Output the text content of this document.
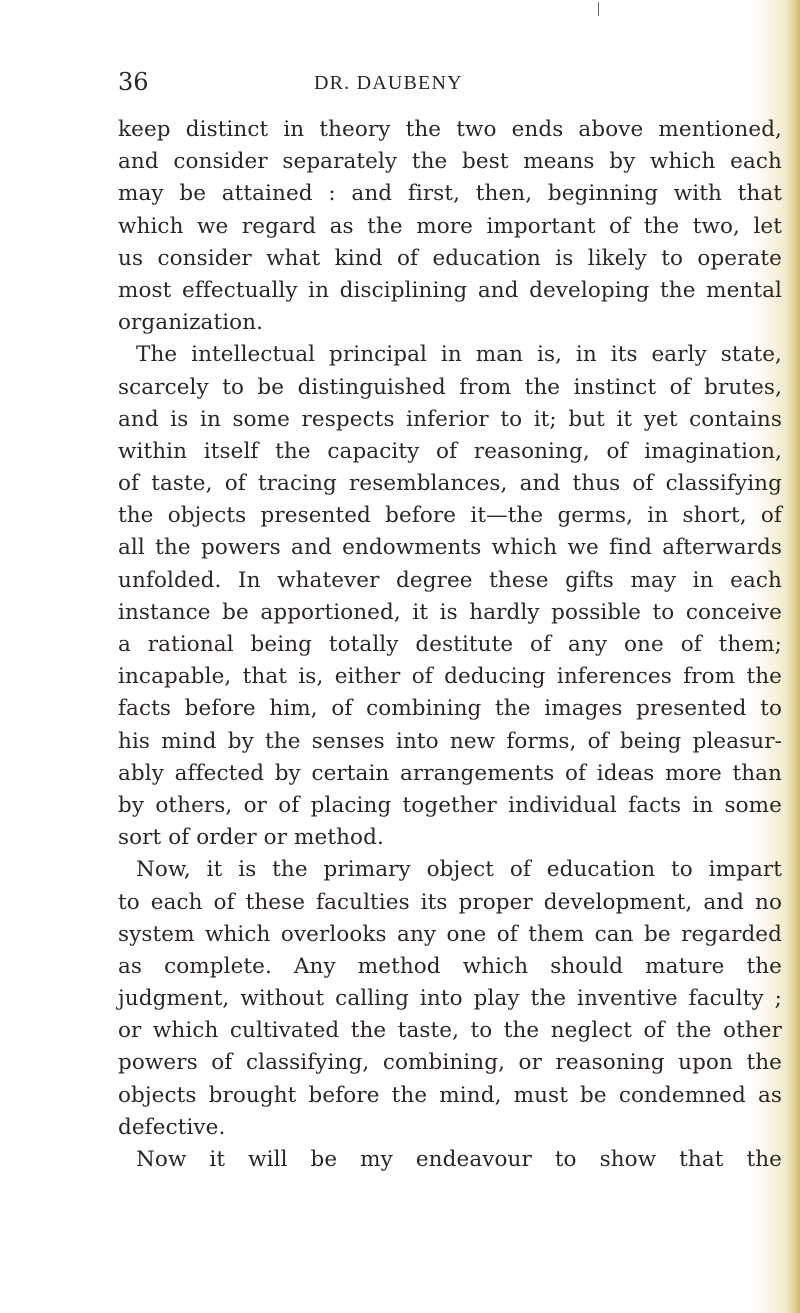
36	DR. DAUBENY
keep distinct in theory the two ends above mentioned,
and consider separately the best means by which each
may be attained : and first, then, beginning with that
which we regard as the more important of the two, let
us consider what kind of education is likely to operate
most effectually in disciplining and developing the mental
organization.
The intellectual principal in man is, in its early state,
scarcely to be distinguished from the instinct of brutes,
and is in some respects inferior to it; but it yet contains
within itself the capacity of reasoning, of imagination,
of taste, of tracing resemblances, and thus of classifying
the objects presented before it—the germs, in short, of
all the powers and endowments which we find afterwards
unfolded. In whatever degree these gifts may in each
instance be apportioned, it is hardly possible to conceive
a rational being totally destitute of any one of them;
incapable, that is, either of deducing inferences from the
facts before him, of combining the images presented to
his mind by the senses into new forms, of being pleasur-
ably affected by certain arrangements of ideas more than
by others, or of placing together individual facts in some
sort of order or method.
Now, it is the primary object of education to impart
to each of these faculties its proper development, and no
system which overlooks any one of them can be regarded
as complete. Any method which should mature the
judgment, without calling into play the inventive faculty ;
or which cultivated the taste, to the neglect of the other
powers of classifying, combining, or reasoning upon the
objects brought before the mind, must be condemned as
defective.
Now it will be my endeavour to show that the
